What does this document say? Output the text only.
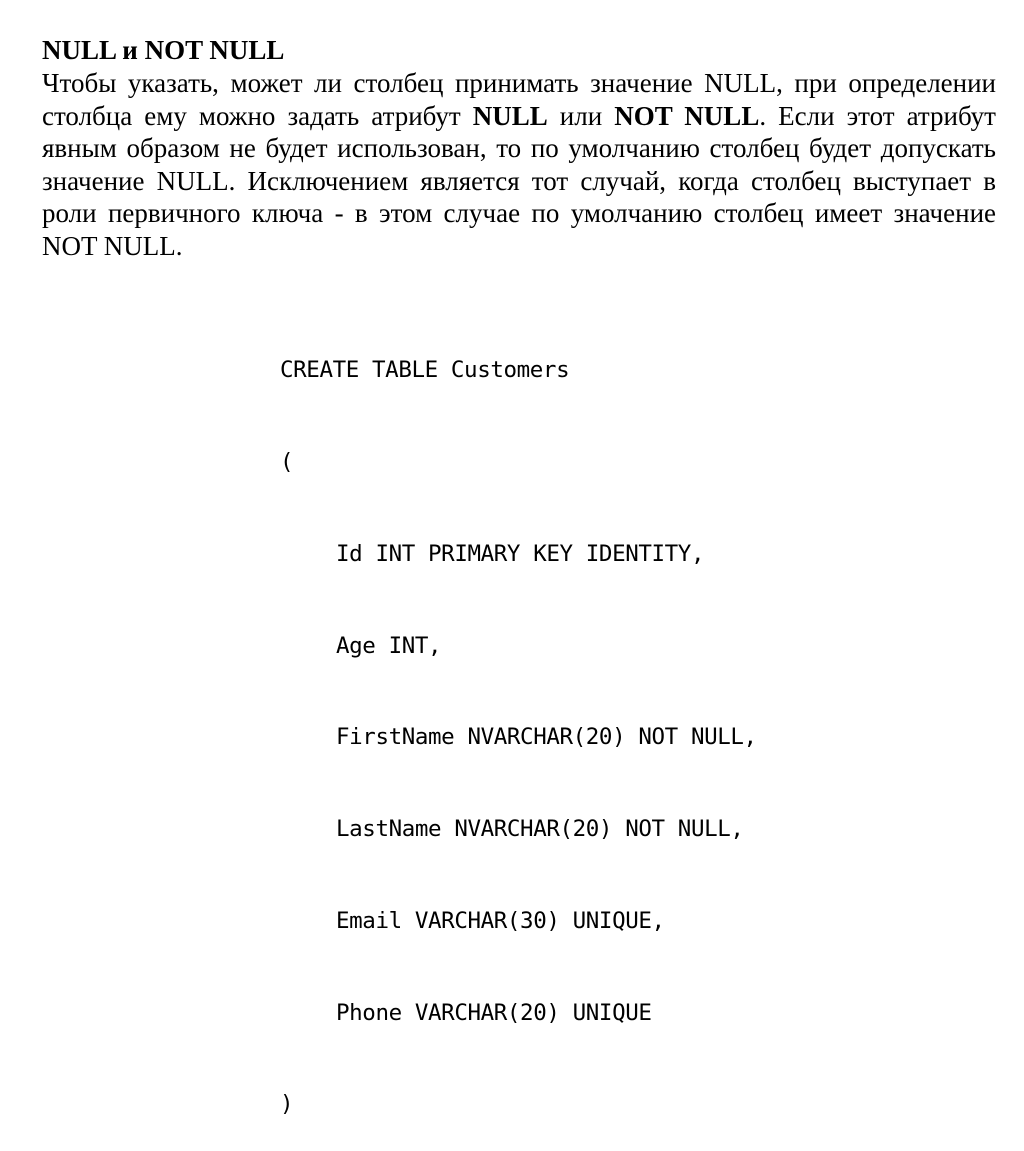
NULL и NOT NULL

Чтобы указать, может ли столбец принимать значение NULL, при определении столбца ему можно задать атрибут NULL или NOT NULL. Если этот атрибут явным образом не будет использован, то по умолчанию столбец будет допускать значение NULL. Исключением является тот случай, когда столбец выступает в роли первичного ключа - в этом случае по умолчанию столбец имеет значение NOT NULL.

CREATE TABLE Customers

(

Id INT PRIMARY KEY IDENTITY,

Age INT,

FirstName NVARCHAR(20) NOT NULL,

LastName NVARCHAR(20) NOT NULL,

Email VARCHAR(30) UNIQUE,

Phone VARCHAR(20) UNIQUE

)
